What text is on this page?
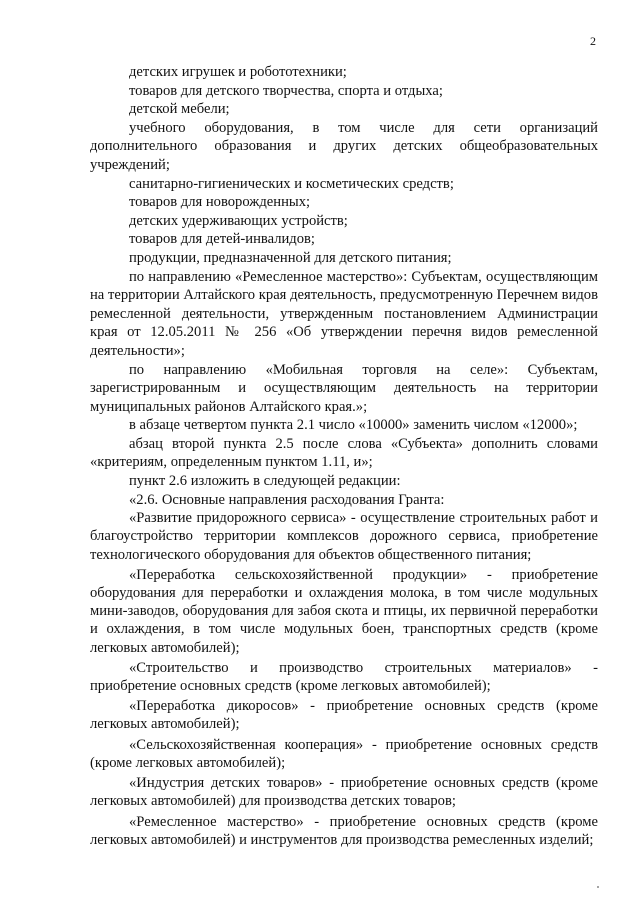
2

детских игрушек и робототехники;

товаров для детского творчества, спорта и отдыха;

детской мебели;

учебного оборудования, в том числе для сети организаций дополнительного образования и других детских общеобразовательных учреждений;

санитарно-гигиенических и косметических средств;

товаров для новорожденных;

детских удерживающих устройств;

товаров для детей-инвалидов;

продукции, предназначенной для детского питания;

по направлению «Ремесленное мастерство»: Субъектам, осуществляющим на территории Алтайского края деятельность, предусмотренную Перечнем видов ремесленной деятельности, утвержденным постановлением Администрации края от 12.05.2011 № 256 «Об утверждении перечня видов ремесленной деятельности»;

по направлению «Мобильная торговля на селе»: Субъектам, зарегистрированным и осуществляющим деятельность на территории муниципальных районов Алтайского края.»;

в абзаце четвертом пункта 2.1 число «10000» заменить числом «12000»;

абзац второй пункта 2.5 после слова «Субъекта» дополнить словами «критериям, определенным пунктом 1.11, и»;

пункт 2.6 изложить в следующей редакции:

«2.6. Основные направления расходования Гранта:

«Развитие придорожного сервиса» - осуществление строительных работ и благоустройство территории комплексов дорожного сервиса, приобретение технологического оборудования для объектов общественного питания;

«Переработка сельскохозяйственной продукции» - приобретение оборудования для переработки и охлаждения молока, в том числе модульных мини-заводов, оборудования для забоя скота и птицы, их первичной переработки и охлаждения, в том числе модульных боен, транспортных средств (кроме легковых автомобилей);

«Строительство и производство строительных материалов» - приобретение основных средств (кроме легковых автомобилей);

«Переработка дикоросов» - приобретение основных средств (кроме легковых автомобилей);

«Сельскохозяйственная кооперация» - приобретение основных средств (кроме легковых автомобилей);

«Индустрия детских товаров» - приобретение основных средств (кроме легковых автомобилей) для производства детских товаров;

«Ремесленное мастерство» - приобретение основных средств (кроме легковых автомобилей) и инструментов для производства ремесленных изделий;
